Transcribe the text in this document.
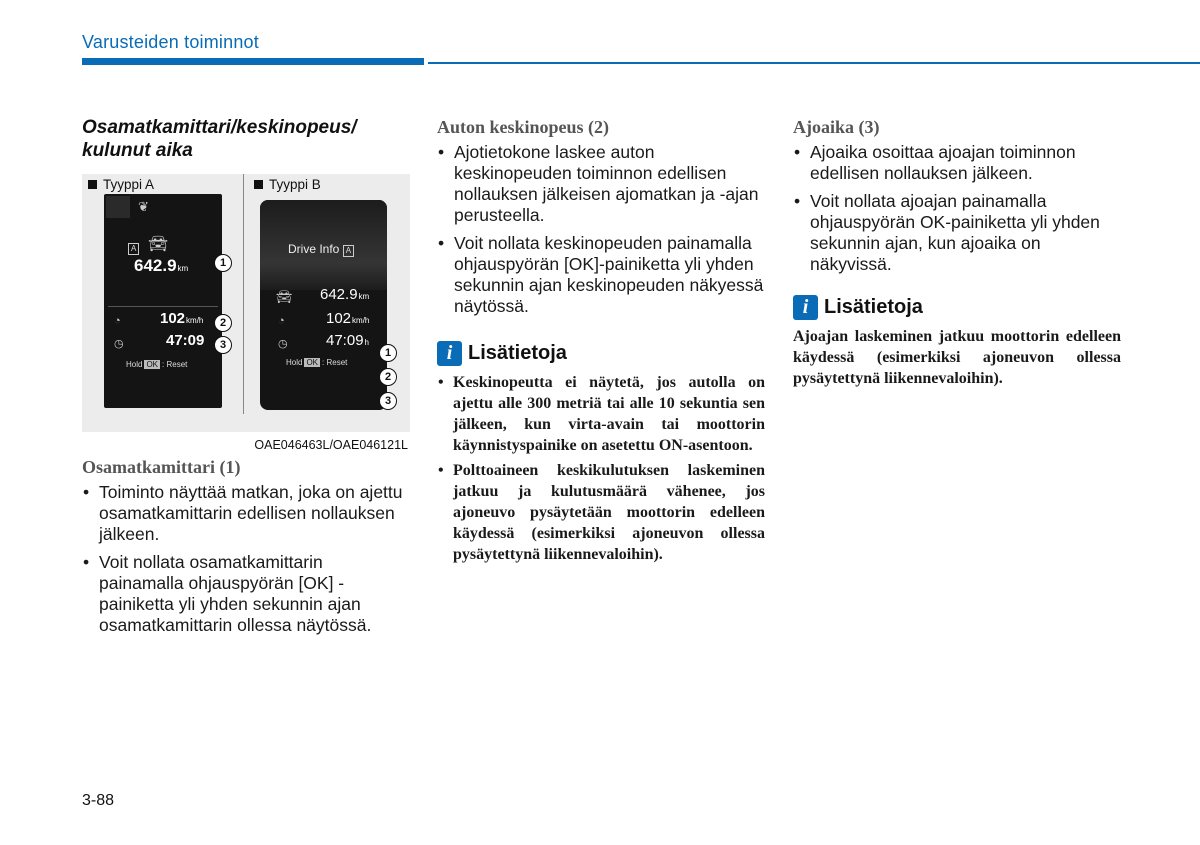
Varusteiden toiminnot
Osamatkamittari/keskinopeus/
kulunut aika
Tyyppi A	Tyyppi B
❦
A 🚘︎
642.9km
◔	102km/h
◷	47:09
Hold OK : Reset
1
2
3
Drive Info A
🚘︎ 642.9km
◔	102km/h
◷	47:09h
Hold OK : Reset
1
2
3
OAE046463L/OAE046121L
Osamatkamittari (1)
• Toiminto näyttää matkan, joka on ajettu osamatkamittarin edellisen nollauksen jälkeen.
• Voit nollata osamatkamittarin painamalla ohjauspyörän [OK] -painiketta yli yhden sekunnin ajan osamatkamittarin ollessa näytössä.
Auton keskinopeus (2)
• Ajotietokone laskee auton keskinopeuden toiminnon edellisen nollauksen jälkeisen ajomatkan ja -ajan perusteella.
• Voit nollata keskinopeuden painamalla ohjauspyörän [OK]-painiketta yli yhden sekunnin ajan keskinopeuden näkyessä näytössä.
i Lisätietoja
• Keskinopeutta ei näytetä, jos autolla on ajettu alle 300 metriä tai alle 10 sekuntia sen jälkeen, kun virta-avain tai moottorin käynnistyspainike on asetettu ON-asentoon.
• Polttoaineen keskikulutuksen laskeminen jatkuu ja kulutusmäärä vähenee, jos ajoneuvo pysäytetään moottorin edelleen käydessä (esimerkiksi ajoneuvon ollessa pysäytettynä liikennevaloihin).
Ajoaika (3)
• Ajoaika osoittaa ajoajan toiminnon edellisen nollauksen jälkeen.
• Voit nollata ajoajan painamalla ohjauspyörän OK-painiketta yli yhden sekunnin ajan, kun ajoaika on näkyvissä.
i Lisätietoja

Ajoajan laskeminen jatkuu moottorin edelleen käydessä (esimerkiksi ajoneuvon ollessa pysäytettynä liikennevaloihin).

3-88
